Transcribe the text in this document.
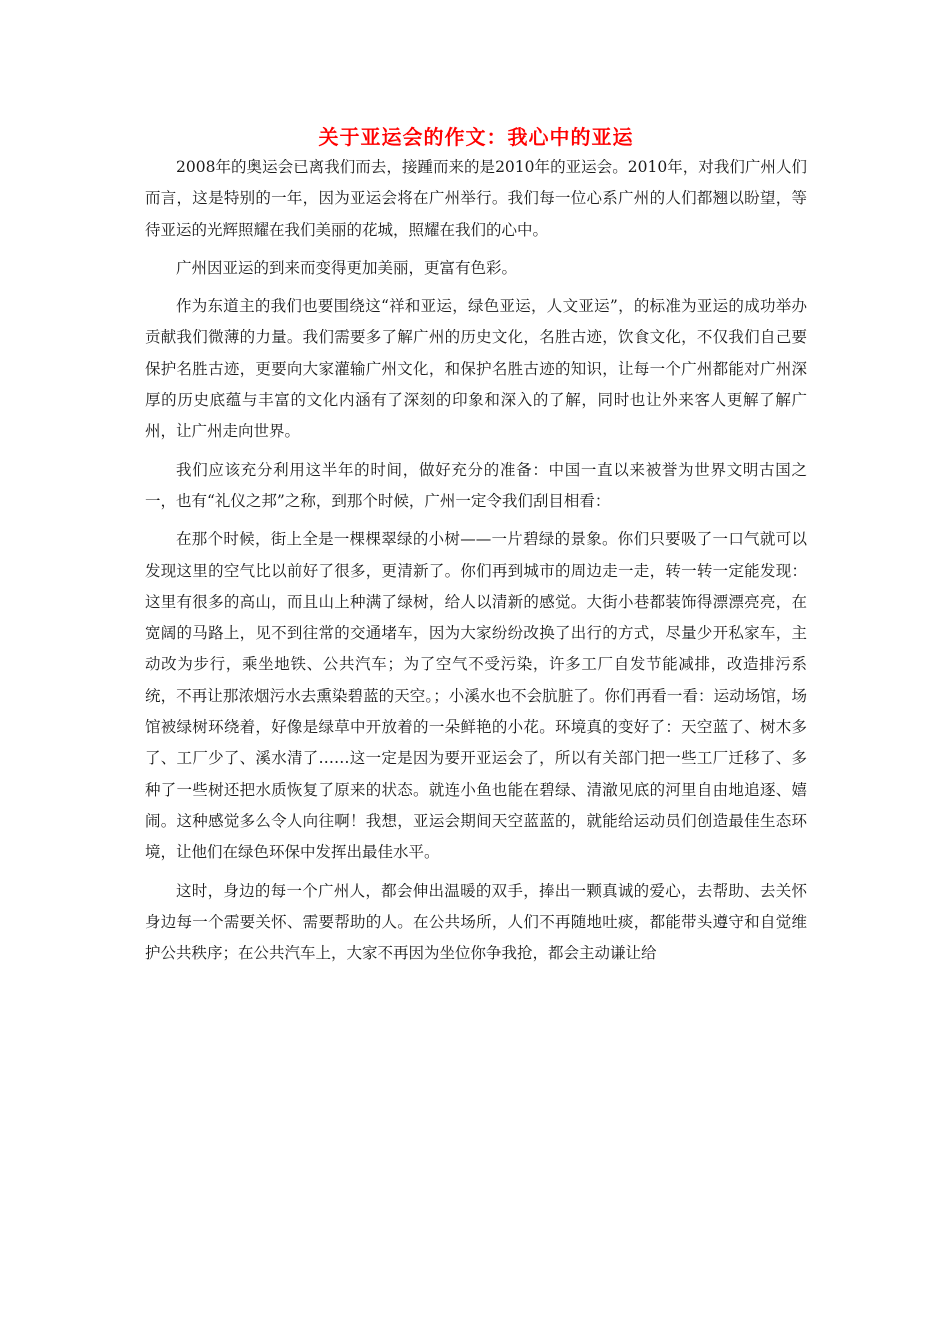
关于亚运会的作文：我心中的亚运

2008年的奥运会已离我们而去，接踵而来的是2010年的亚运会。2010年，对我们广州人们而言，这是特别的一年，因为亚运会将在广州举行。我们每一位心系广州的人们都翘以盼望，等待亚运的光辉照耀在我们美丽的花城，照耀在我们的心中。

广州因亚运的到来而变得更加美丽，更富有色彩。

作为东道主的我们也要围绕这“祥和亚运，绿色亚运，人文亚运”，的标准为亚运的成功举办贡献我们微薄的力量。我们需要多了解广州的历史文化，名胜古迹，饮食文化，不仅我们自己要保护名胜古迹，更要向大家灌输广州文化，和保护名胜古迹的知识，让每一个广州都能对广州深厚的历史底蕴与丰富的文化内涵有了深刻的印象和深入的了解，同时也让外来客人更解了解广州，让广州走向世界。

我们应该充分利用这半年的时间，做好充分的准备：中国一直以来被誉为世界文明古国之一，也有“礼仪之邦”之称，到那个时候，广州一定令我们刮目相看：

在那个时候，街上全是一棵棵翠绿的小树——一片碧绿的景象。你们只要吸了一口气就可以发现这里的空气比以前好了很多，更清新了。你们再到城市的周边走一走，转一转一定能发现：这里有很多的高山，而且山上种满了绿树，给人以清新的感觉。大街小巷都装饰得漂漂亮亮，在宽阔的马路上，见不到往常的交通堵车，因为大家纷纷改换了出行的方式，尽量少开私家车，主动改为步行，乘坐地铁、公共汽车；为了空气不受污染，许多工厂自发节能减排，改造排污系统，不再让那浓烟污水去熏染碧蓝的天空。；小溪水也不会肮脏了。你们再看一看：运动场馆，场馆被绿树环绕着，好像是绿草中开放着的一朵鲜艳的小花。环境真的变好了：天空蓝了、树木多了、工厂少了、溪水清了……这一定是因为要开亚运会了，所以有关部门把一些工厂迁移了、多种了一些树还把水质恢复了原来的状态。就连小鱼也能在碧绿、清澈见底的河里自由地追逐、嬉闹。这种感觉多么令人向往啊！我想，亚运会期间天空蓝蓝的，就能给运动员们创造最佳生态环境，让他们在绿色环保中发挥出最佳水平。

这时，身边的每一个广州人，都会伸出温暖的双手，捧出一颗真诚的爱心，去帮助、去关怀身边每一个需要关怀、需要帮助的人。在公共场所，人们不再随地吐痰，都能带头遵守和自觉维护公共秩序；在公共汽车上，大家不再因为坐位你争我抢，都会主动谦让给
